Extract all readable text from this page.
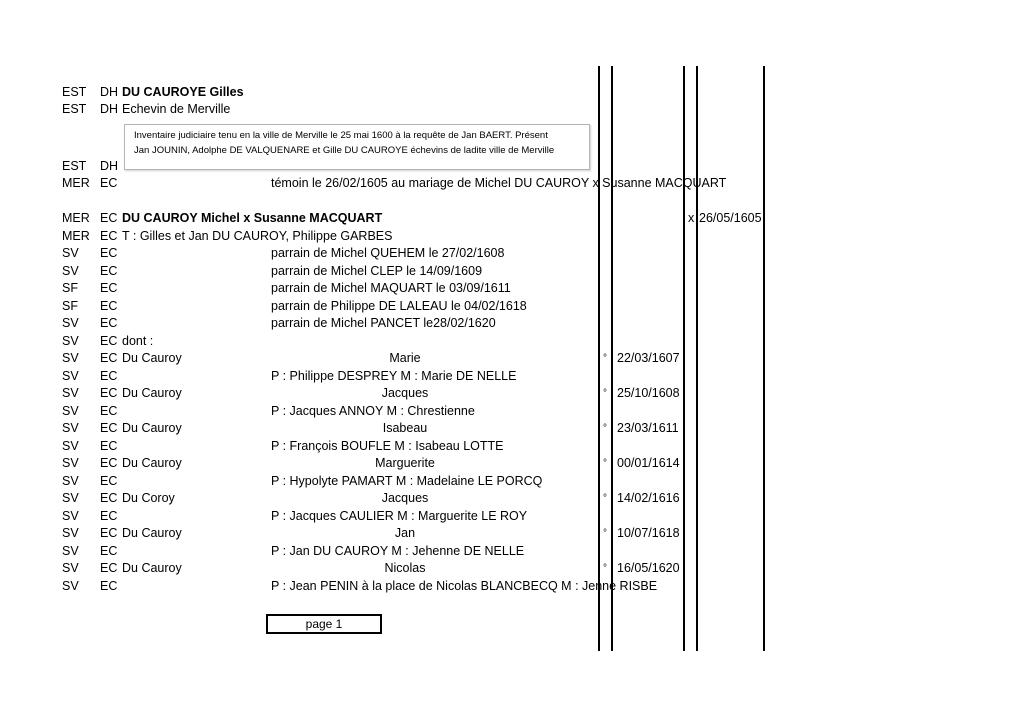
EST DH DU CAUROYE Gilles
EST DH Echevin de Merville
EST DH
MER EC	témoin le 26/02/1605 au mariage de Michel DU CAUROY x Susanne MACQUART
MER EC DU CAUROY Michel x Susanne MACQUART	x 26/05/1605
MER EC T : Gilles et Jan DU CAUROY, Philippe GARBES
SV EC	parrain de Michel QUEHEM le 27/02/1608
SV EC	parrain de Michel CLEP le 14/09/1609
SF EC	parrain de Michel MAQUART le 03/09/1611
SF EC	parrain de Philippe DE LALEAU le 04/02/1618
SV EC	parrain de Michel PANCET le28/02/1620
SV EC dont :
SV EC Du Cauroy	Marie	° 22/03/1607
SV EC	P : Philippe DESPREY M : Marie DE NELLE
SV EC Du Cauroy	Jacques	° 25/10/1608
SV EC	P : Jacques ANNOY M : Chrestienne
SV EC Du Cauroy	Isabeau	° 23/03/1611
SV EC	P : François BOUFLE M : Isabeau LOTTE
SV EC Du Cauroy	Marguerite	° 00/01/1614
SV EC	P : Hypolyte PAMART M : Madelaine LE PORCQ
SV EC Du Coroy	Jacques	° 14/02/1616
SV EC	P : Jacques CAULIER M : Marguerite LE ROY
SV EC Du Cauroy	Jan	° 10/07/1618
SV EC	P : Jan DU CAUROY M : Jehenne DE NELLE
SV EC Du Cauroy	Nicolas	° 16/05/1620
SV EC	P : Jean PENIN à la place de Nicolas BLANCBECQ M : Jenne RISBE
Inventaire judiciaire tenu en la ville de Merville le 25 mai 1600 à la requête de Jan BAERT. Présent
Jan JOUNIN, Adolphe DE VALQUENARE et Gille DU CAUROYE échevins de ladite ville de Merville
page 1
